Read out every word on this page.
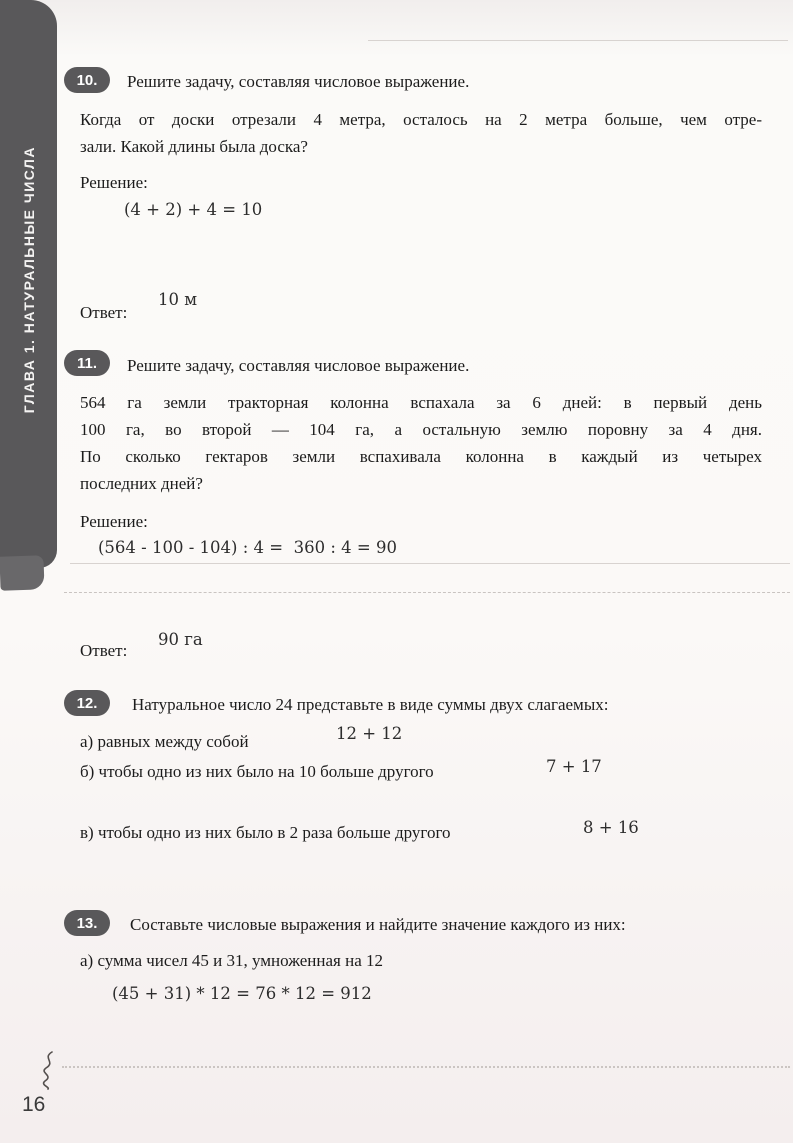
ГЛАВА 1. НАТУРАЛЬНЫЕ ЧИСЛА
10.	Решите задачу, составляя числовое выражение.
Когда от доски отрезали 4 метра, осталось на 2 метра больше, чем отре-
зали. Какой длины была доска?
Решение:
(4 + 2) + 4 = 10
Ответ:
10 м
11.	Решите задачу, составляя числовое выражение.
564 га земли тракторная колонна вспахала за 6 дней: в первый день
100 га, во второй — 104 га, а остальную землю поровну за 4 дня.
По сколько гектаров земли вспахивала колонна в каждый из четырех
последних дней?
Решение:
(564 - 100 - 104) : 4 =  360 : 4 = 90
Ответ:
90 га
12.	Натуральное число 24 представьте в виде суммы двух слагаемых:
а) равных между собой	12 + 12
б) чтобы одно из них было на 10 больше другого	7 + 17
в) чтобы одно из них было в 2 раза больше другого	8 + 16
13.	Составьте числовые выражения и найдите значение каждого из них:
а) сумма чисел 45 и 31, умноженная на 12
(45 + 31) * 12 = 76 * 12 = 912
16
